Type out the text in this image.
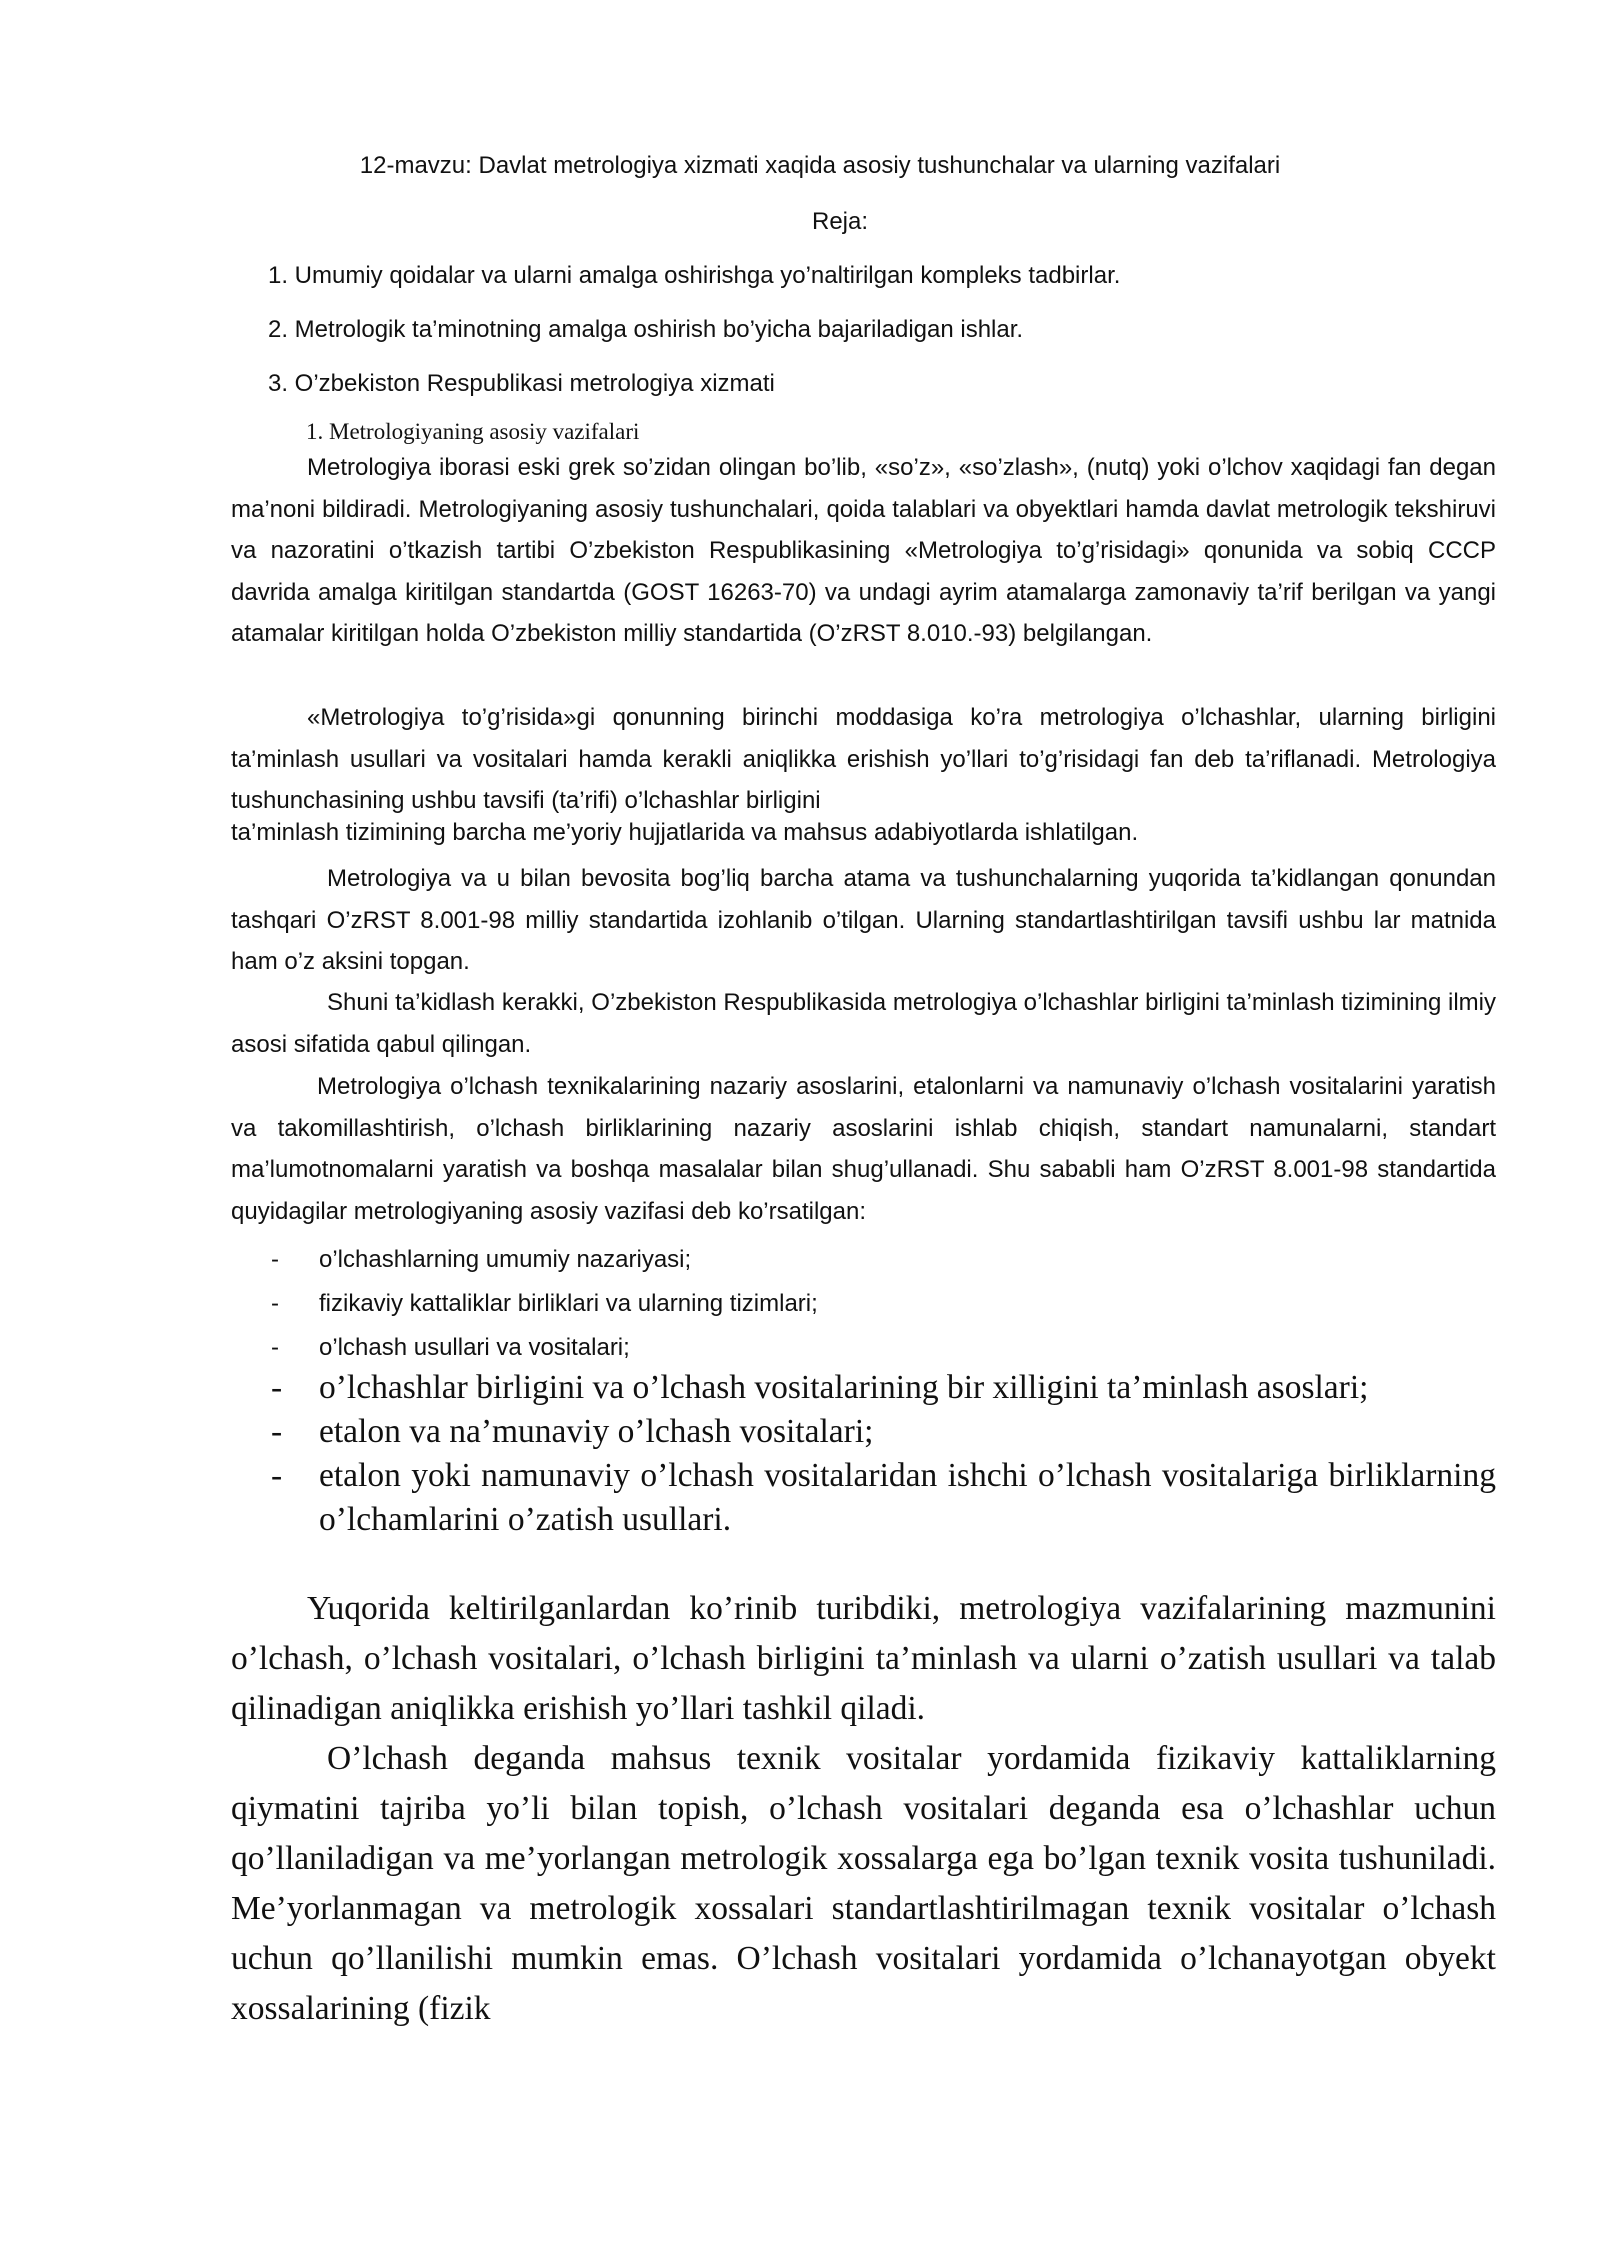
12-mavzu: Davlat metrologiya xizmati xaqida asosiy tushunchalar va ularning vazifalari
Reja:
1. Umumiy qoidalar va ularni amalga oshirishga yo’naltirilgan kompleks tadbirlar.
2. Metrologik ta’minotning amalga oshirish bo’yicha bajariladigan ishlar.
3. O’zbekiston Respublikasi metrologiya xizmati
1. Metrologiyaning asosiy vazifalari
Metrologiya iborasi eski grek so’zidan olingan bo’lib, «so’z», «so’zlash», (nutq) yoki o’lchov xaqidagi fan degan ma’noni bildiradi. Metrologiyaning asosiy tushunchalari, qoida talablari va obyektlari hamda davlat metrologik tekshiruvi va nazoratini o’tkazish tartibi O’zbekiston Respublikasining «Metrologiya to’g’risidagi» qonunida va sobiq CCCP davrida amalga kiritilgan standartda (GOST 16263-70) va undagi ayrim atamalarga zamonaviy ta’rif berilgan va yangi atamalar kiritilgan holda O’zbekiston milliy standartida (O’zRST 8.010.-93) belgilangan.
«Metrologiya to’g’risida»gi qonunning birinchi moddasiga ko’ra metrologiya o’lchashlar, ularning birligini ta’minlash usullari va vositalari hamda kerakli aniqlikka erishish yo’llari to’g’risidagi fan deb ta’riflanadi. Metrologiya tushunchasining ushbu tavsifi (ta’rifi) o’lchashlar birligini
ta’minlash tizimining barcha me’yoriy hujjatlarida va mahsus adabiyotlarda ishlatilgan.
Metrologiya va u bilan bevosita bog’liq barcha atama va tushunchalarning yuqorida ta’kidlangan qonundan tashqari O’zRST 8.001-98 milliy standartida izohlanib o’tilgan. Ularning standartlashtirilgan tavsifi ushbu lar matnida ham o’z aksini topgan.
Shuni ta’kidlash kerakki, O’zbekiston Respublikasida metrologiya o’lchashlar birligini ta’minlash tizimining ilmiy asosi sifatida qabul qilingan.
Metrologiya o’lchash texnikalarining nazariy asoslarini, etalonlarni va namunaviy o’lchash vositalarini yaratish va takomillashtirish, o’lchash birliklarining nazariy asoslarini ishlab chiqish, standart namunalarni, standart ma’lumotnomalarni yaratish va boshqa masalalar bilan shug’ullanadi. Shu sababli ham O’zRST 8.001-98 standartida quyidagilar metrologiyaning asosiy vazifasi deb ko’rsatilgan:
- o’lchashlarning umumiy nazariyasi;
- fizikaviy kattaliklar birliklari va ularning tizimlari;
- o’lchash usullari va vositalari;
- o’lchashlar birligini va o’lchash vositalarining bir xilligini ta’minlash asoslari;
- etalon va na’munaviy o’lchash vositalari;
- etalon yoki namunaviy o’lchash vositalaridan ishchi o’lchash vositalariga birliklarning o’lchamlarini o’zatish usullari.
Yuqorida keltirilganlardan ko’rinib turibdiki, metrologiya vazifalarining mazmunini o’lchash, o’lchash vositalari, o’lchash birligini ta’minlash va ularni o’zatish usullari va talab qilinadigan aniqlikka erishish yo’llari tashkil qiladi.
O’lchash deganda mahsus texnik vositalar yordamida fizikaviy kattaliklarning qiymatini tajriba yo’li bilan topish, o’lchash vositalari deganda esa o’lchashlar uchun qo’llaniladigan va me’yorlangan metrologik xossalarga ega bo’lgan texnik vosita tushuniladi. Me’yorlanmagan va metrologik xossalari standartlashtirilmagan texnik vositalar o’lchash uchun qo’llanilishi mumkin emas. O’lchash vositalari yordamida o’lchanayotgan obyekt xossalarining (fizik
